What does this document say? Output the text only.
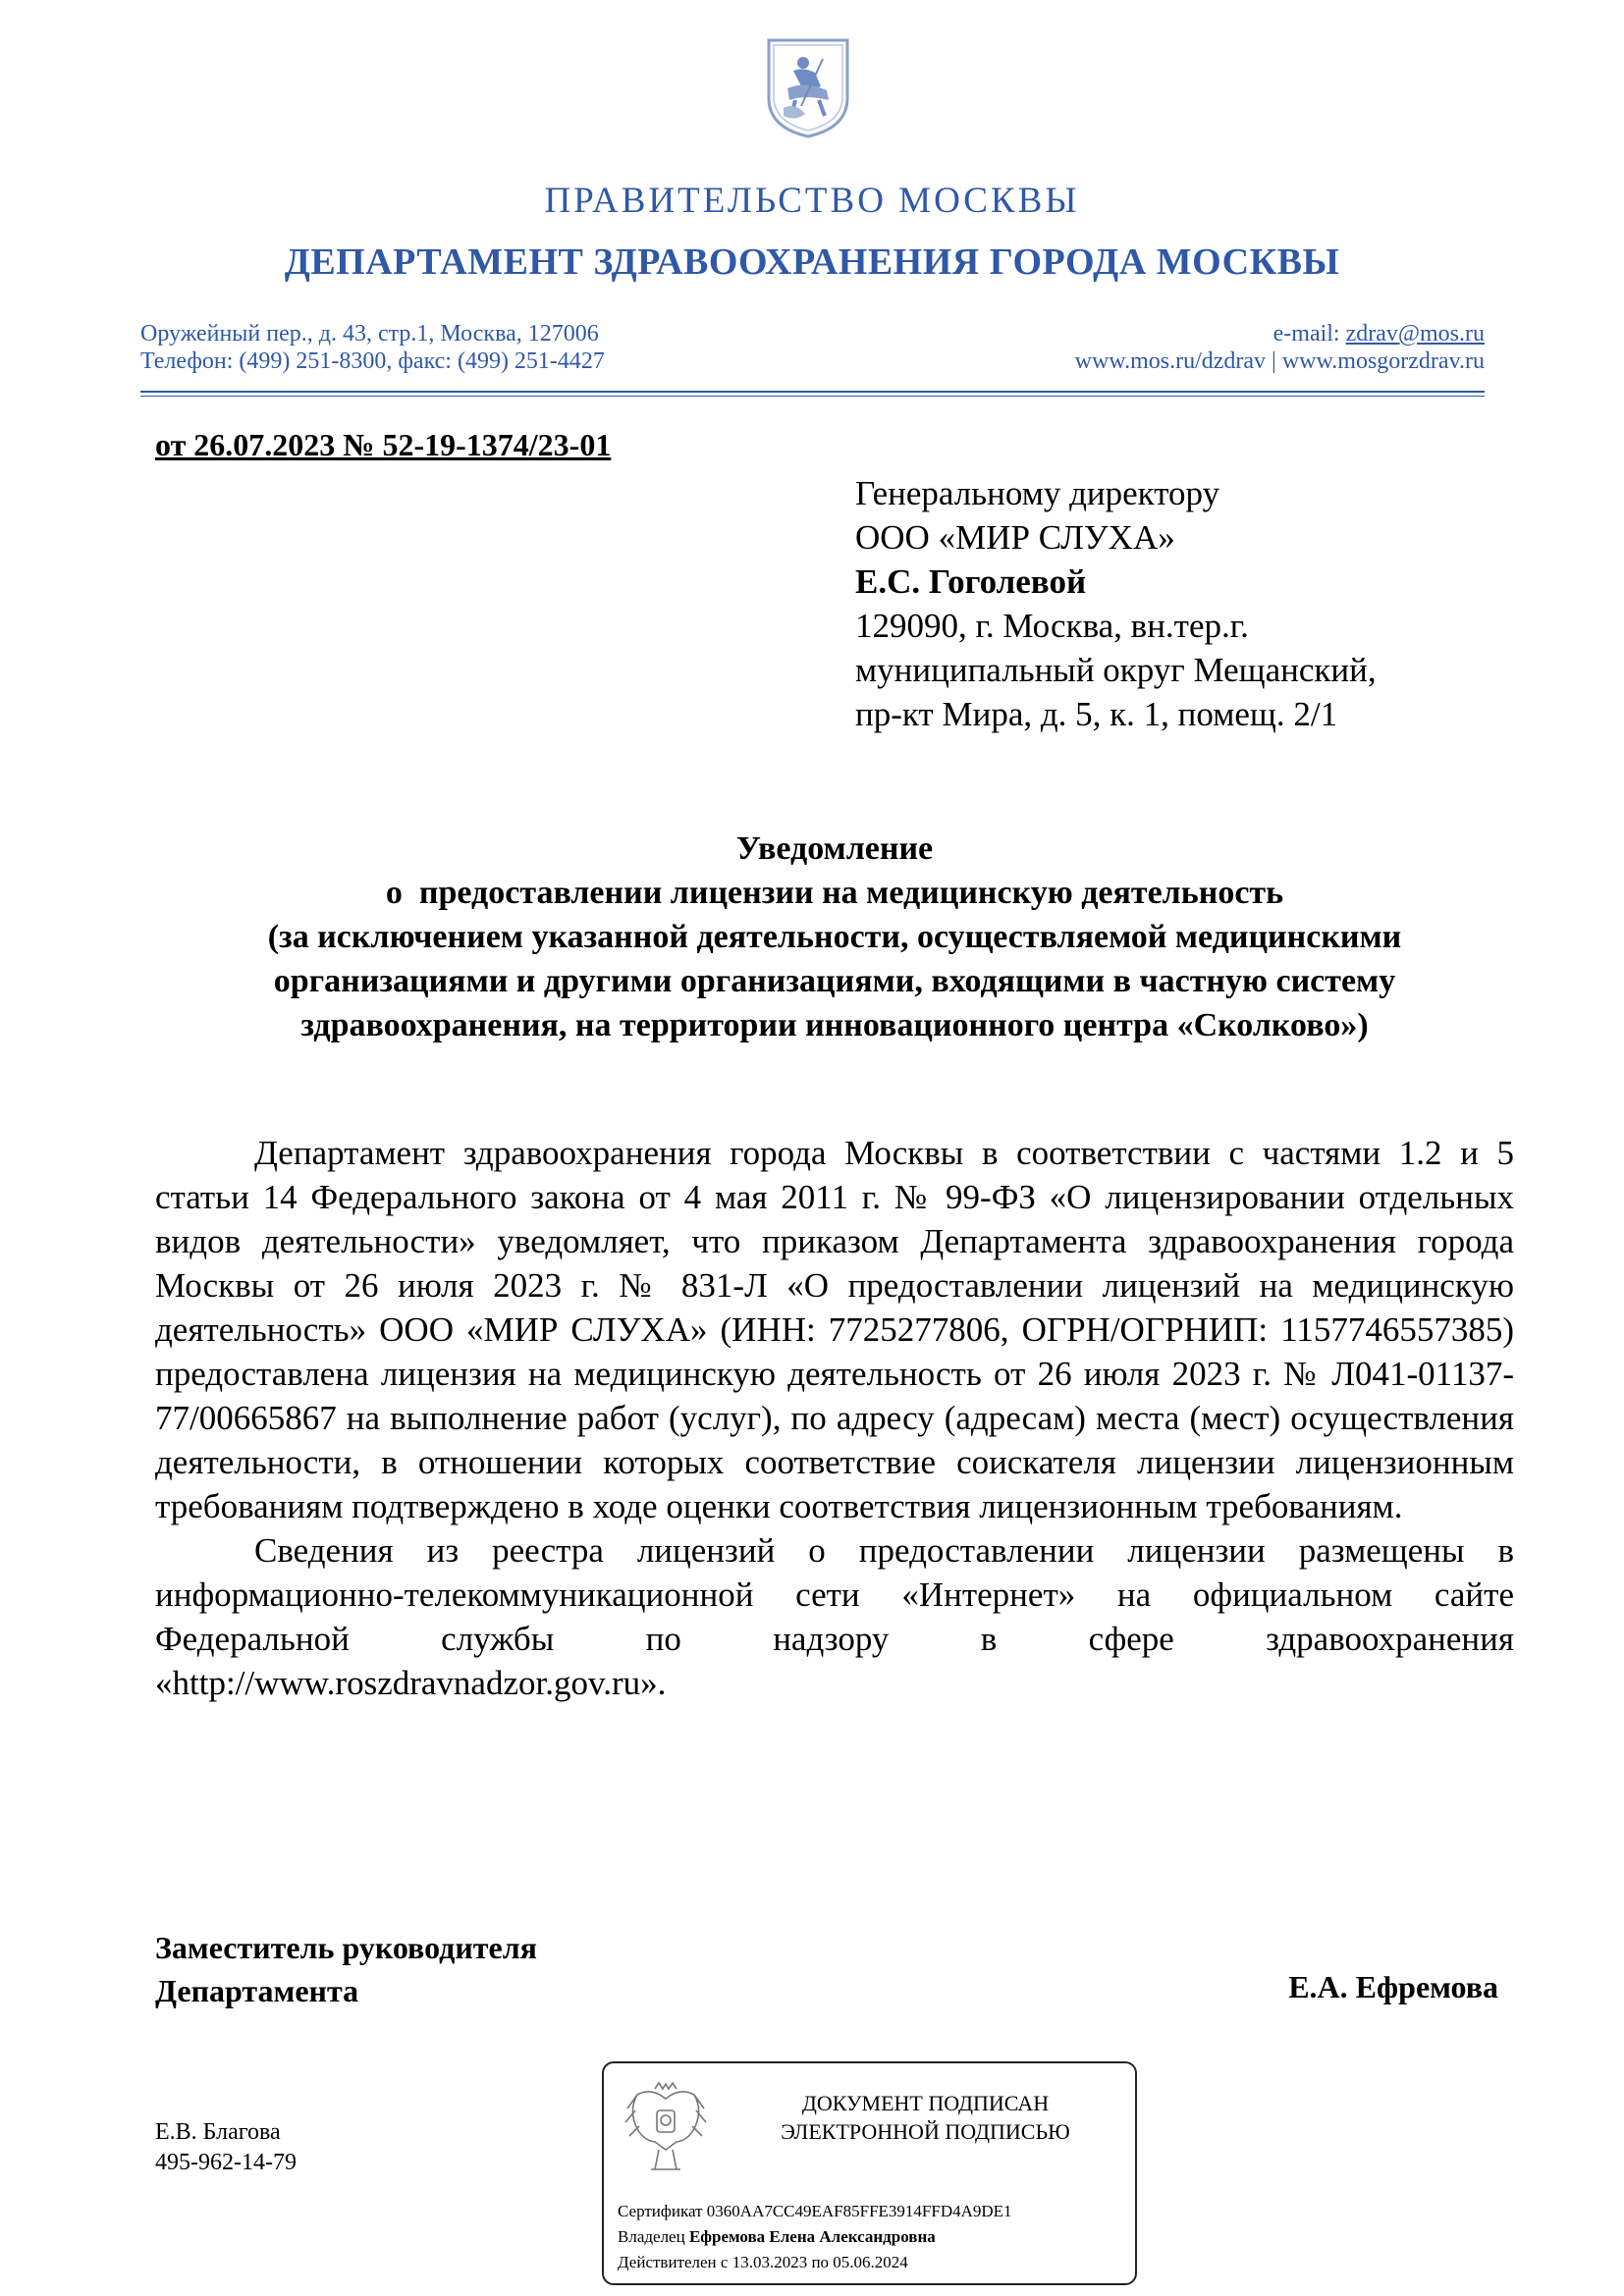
ПРАВИТЕЛЬСТВО МОСКВЫ
ДЕПАРТАМЕНТ ЗДРАВООХРАНЕНИЯ ГОРОДА МОСКВЫ
Оружейный пер., д. 43, стр.1, Москва, 127006
Телефон: (499) 251-8300, факс: (499) 251-4427
e-mail: zdrav@mos.ru
www.mos.ru/dzdrav | www.mosgorzdrav.ru
от 26.07.2023 № 52-19-1374/23-01
Генеральному директору
ООО «МИР СЛУХА»
Е.С. Гоголевой
129090, г. Москва, вн.тер.г.
муниципальный округ Мещанский,
пр-кт Мира, д. 5, к. 1, помещ. 2/1
Уведомление
о  предоставлении лицензии на медицинскую деятельность
(за исключением указанной деятельности, осуществляемой медицинскими
организациями и другими организациями, входящими в частную систему
здравоохранения, на территории инновационного центра «Сколково»)

Департамент здравоохранения города Москвы в соответствии с частями 1.2 и 5 статьи 14 Федерального закона от 4 мая 2011 г. № 99-ФЗ «О лицензировании отдельных видов деятельности» уведомляет, что приказом Департамента здравоохранения города Москвы от 26 июля 2023 г. № 831-Л «О предоставлении лицензий на медицинскую деятельность» ООО «МИР СЛУХА» (ИНН: 7725277806, ОГРН/ОГРНИП: 1157746557385) предоставлена лицензия на медицинскую деятельность от 26 июля 2023 г. № Л041-01137-77/00665867 на выполнение работ (услуг), по адресу (адресам) места (мест) осуществления деятельности, в отношении которых соответствие соискателя лицензии лицензионным требованиям подтверждено в ходе оценки соответствия лицензионным требованиям.

Сведения из реестра лицензий о предоставлении лицензии размещены в информационно-телекоммуникационной сети «Интернет» на официальном сайте Федеральной службы по надзору в сфере здравоохранения «http://www.roszdravnadzor.gov.ru».

Заместитель руководителя
Департамента	Е.А. Ефремова
ДОКУМЕНТ ПОДПИСАН
ЭЛЕКТРОННОЙ ПОДПИСЬЮ
Сертификат 0360AA7CC49EAF85FFE3914FFD4A9DE1
Владелец Ефремова Елена Александровна
Действителен с 13.03.2023 по 05.06.2024
Е.В. Благова
495-962-14-79
